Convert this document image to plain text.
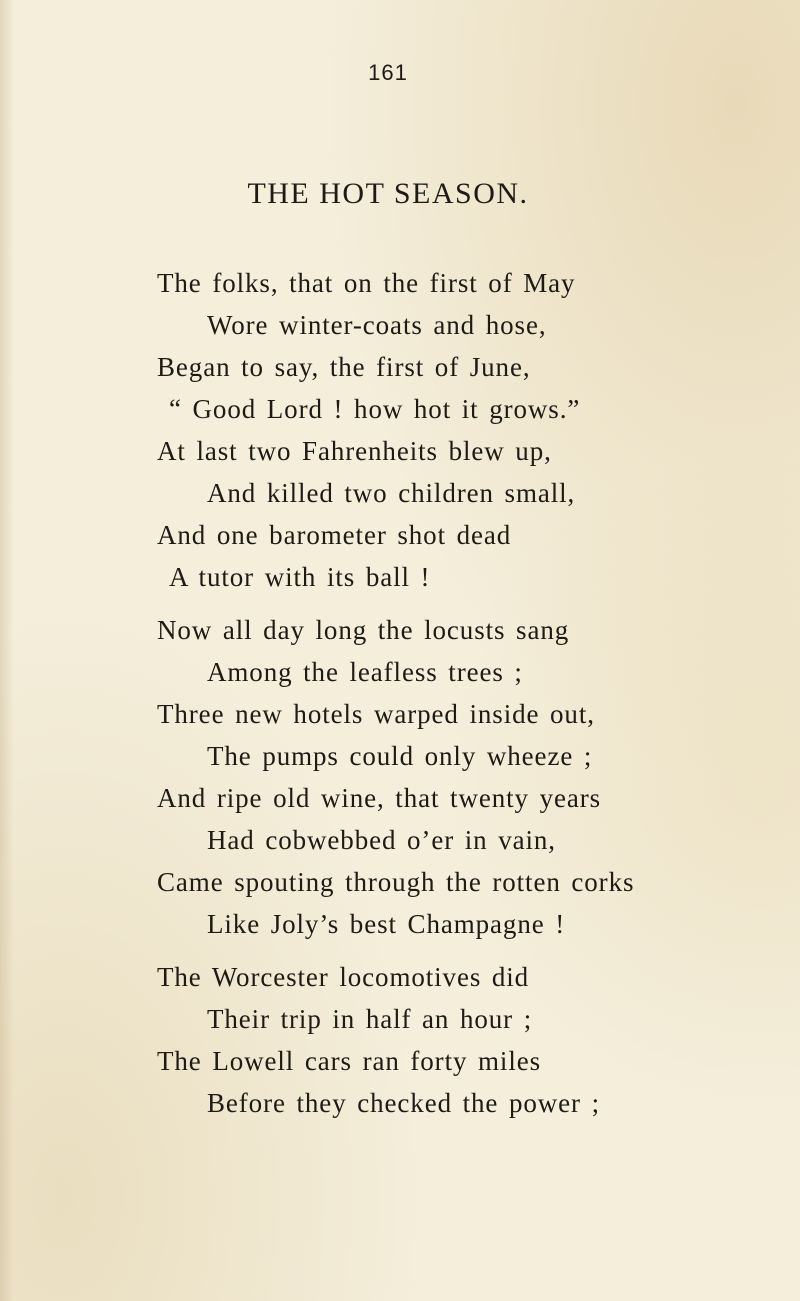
161
THE HOT SEASON.
The folks, that on the first of May
Wore winter-coats and hose,
Began to say, the first of June,
“ Good Lord ! how hot it grows.”
At last two Fahrenheits blew up,
And killed two children small,
And one barometer shot dead
A tutor with its ball !
Now all day long the locusts sang
Among the leafless trees ;
Three new hotels warped inside out,
The pumps could only wheeze ;
And ripe old wine, that twenty years
Had cobwebbed o’er in vain,
Came spouting through the rotten corks
Like Joly’s best Champagne !
The Worcester locomotives did
Their trip in half an hour ;
The Lowell cars ran forty miles
Before they checked the power ;
